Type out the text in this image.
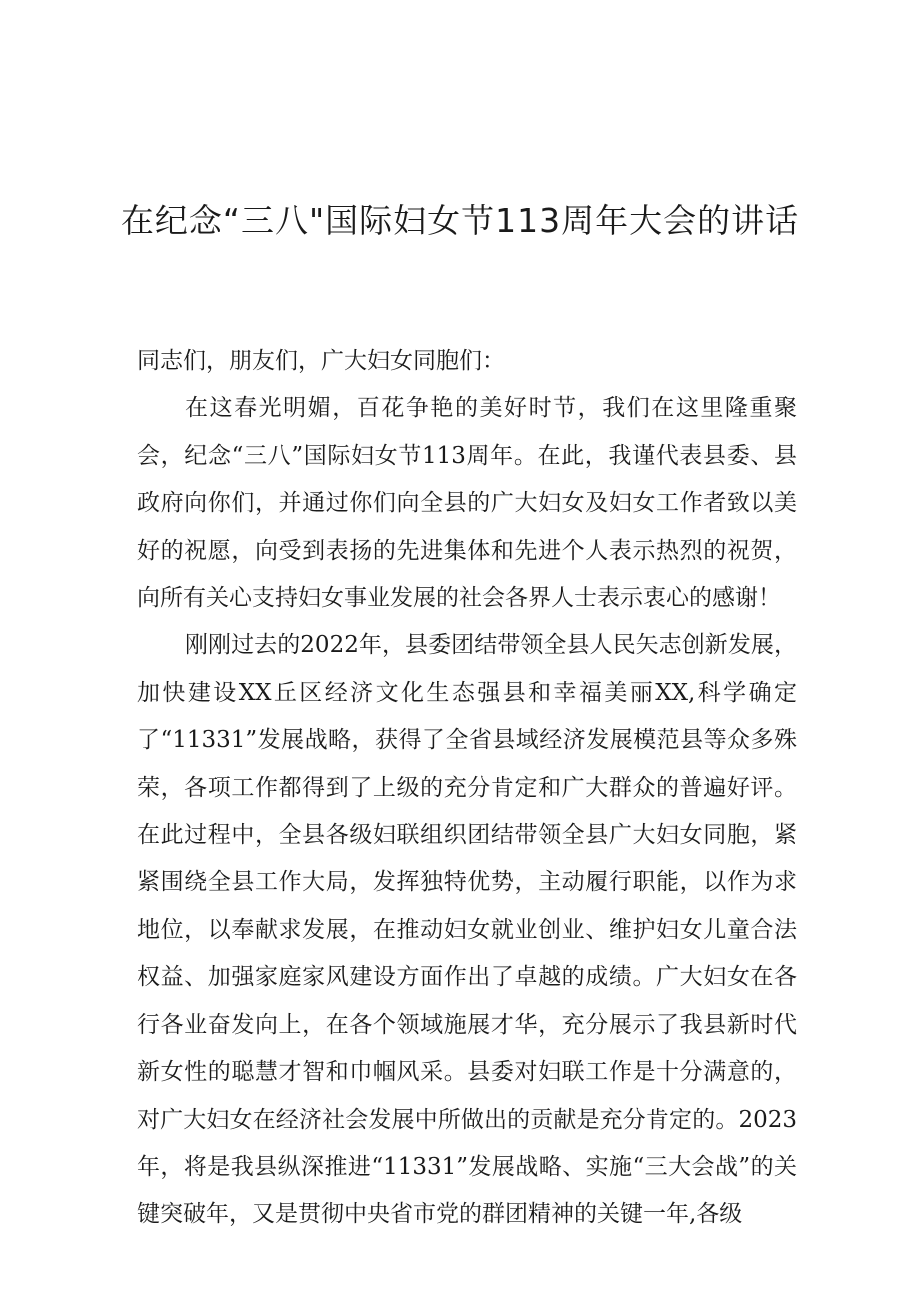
在纪念“三八"国际妇女节113周年大会的讲话

同志们，朋友们，广大妇女同胞们：

在这春光明媚，百花争艳的美好时节，我们在这里隆重聚会，纪念“三八”国际妇女节113周年。在此，我谨代表县委、县政府向你们，并通过你们向全县的广大妇女及妇女工作者致以美好的祝愿，向受到表扬的先进集体和先进个人表示热烈的祝贺，向所有关心支持妇女事业发展的社会各界人士表示衷心的感谢！

刚刚过去的2022年，县委团结带领全县人民矢志创新发展，加快建设XX丘区经济文化生态强县和幸福美丽XX,科学确定了“11331”发展战略，获得了全省县域经济发展模范县等众多殊荣，各项工作都得到了上级的充分肯定和广大群众的普遍好评。在此过程中，全县各级妇联组织团结带领全县广大妇女同胞，紧紧围绕全县工作大局，发挥独特优势，主动履行职能，以作为求地位，以奉献求发展，在推动妇女就业创业、维护妇女儿童合法权益、加强家庭家风建设方面作出了卓越的成绩。广大妇女在各行各业奋发向上，在各个领域施展才华，充分展示了我县新时代新女性的聪慧才智和巾帼风采。县委对妇联工作是十分满意的，对广大妇女在经济社会发展中所做出的贡献是充分肯定的。2023年，将是我县纵深推进“11331”发展战略、实施“三大会战”的关键突破年，又是贯彻中央省市党的群团精神的关键一年,各级
